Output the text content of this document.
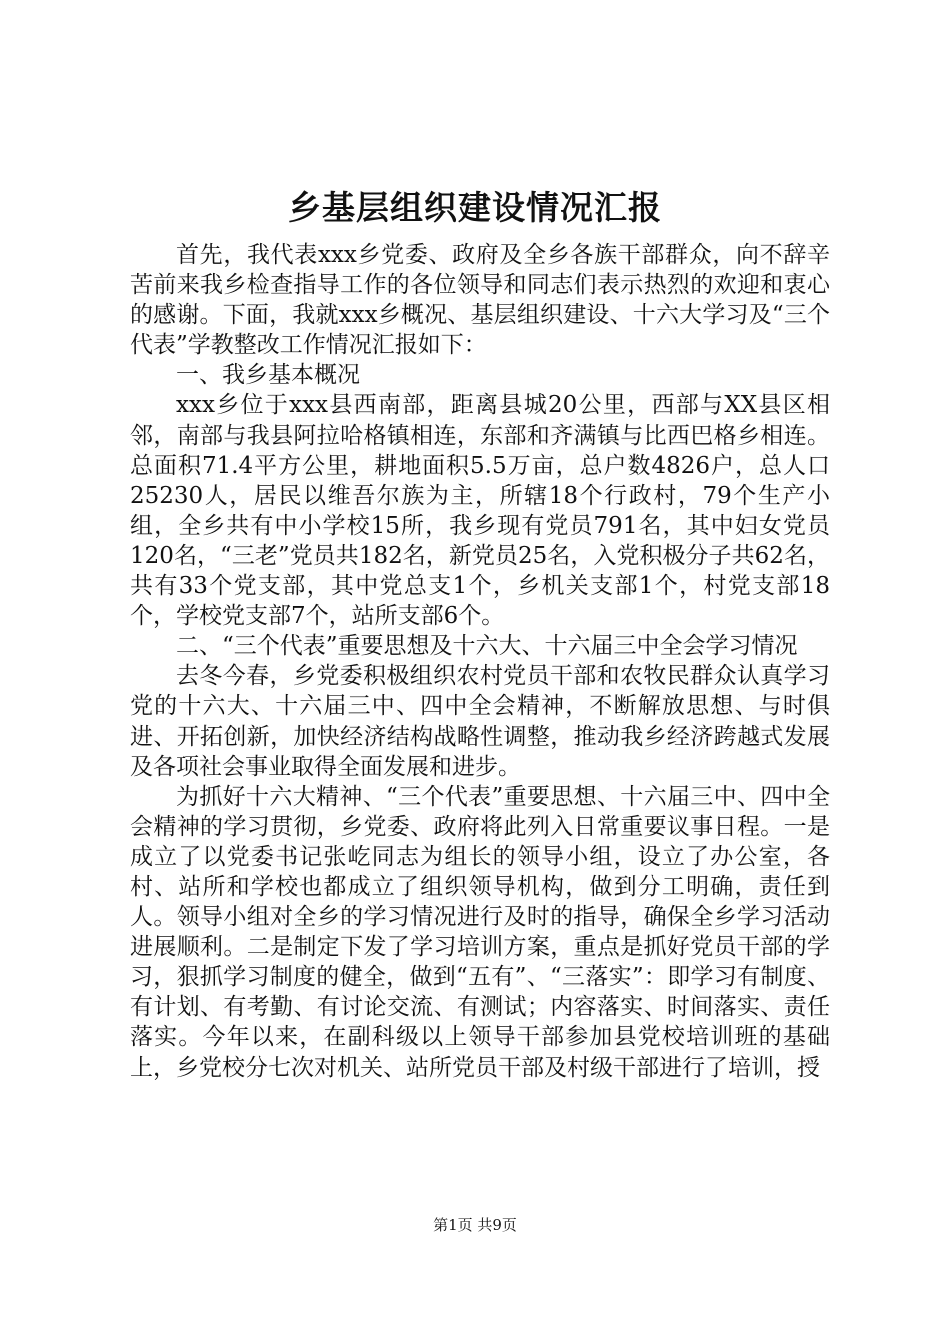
乡基层组织建设情况汇报

首先，我代表xxx乡党委、政府及全乡各族干部群众，向不辞辛苦前来我乡检查指导工作的各位领导和同志们表示热烈的欢迎和衷心的感谢。下面，我就xxx乡概况、基层组织建设、十六大学习及“三个代表”学教整改工作情况汇报如下：

一、我乡基本概况

xxx乡位于xxx县西南部，距离县城20公里，西部与XX县区相邻，南部与我县阿拉哈格镇相连，东部和齐满镇与比西巴格乡相连。总面积71.4平方公里，耕地面积5.5万亩，总户数4826户，总人口25230人，居民以维吾尔族为主，所辖18个行政村，79个生产小组，全乡共有中小学校15所，我乡现有党员791名，其中妇女党员120名，“三老”党员共182名，新党员25名，入党积极分子共62名，共有33个党支部，其中党总支1个，乡机关支部1个，村党支部18个，学校党支部7个，站所支部6个。

二、“三个代表”重要思想及十六大、十六届三中全会学习情况

去冬今春，乡党委积极组织农村党员干部和农牧民群众认真学习党的十六大、十六届三中、四中全会精神，不断解放思想、与时俱进、开拓创新，加快经济结构战略性调整，推动我乡经济跨越式发展及各项社会事业取得全面发展和进步。

为抓好十六大精神、“三个代表”重要思想、十六届三中、四中全会精神的学习贯彻，乡党委、政府将此列入日常重要议事日程。一是成立了以党委书记张屹同志为组长的领导小组，设立了办公室，各村、站所和学校也都成立了组织领导机构，做到分工明确，责任到人。领导小组对全乡的学习情况进行及时的指导，确保全乡学习活动进展顺利。二是制定下发了学习培训方案，重点是抓好党员干部的学习，狠抓学习制度的健全，做到“五有”、“三落实”：即学习有制度、有计划、有考勤、有讨论交流、有测试；内容落实、时间落实、责任落实。今年以来，在副科级以上领导干部参加县党校培训班的基础上，乡党校分七次对机关、站所党员干部及村级干部进行了培训，授

第1页 共9页
